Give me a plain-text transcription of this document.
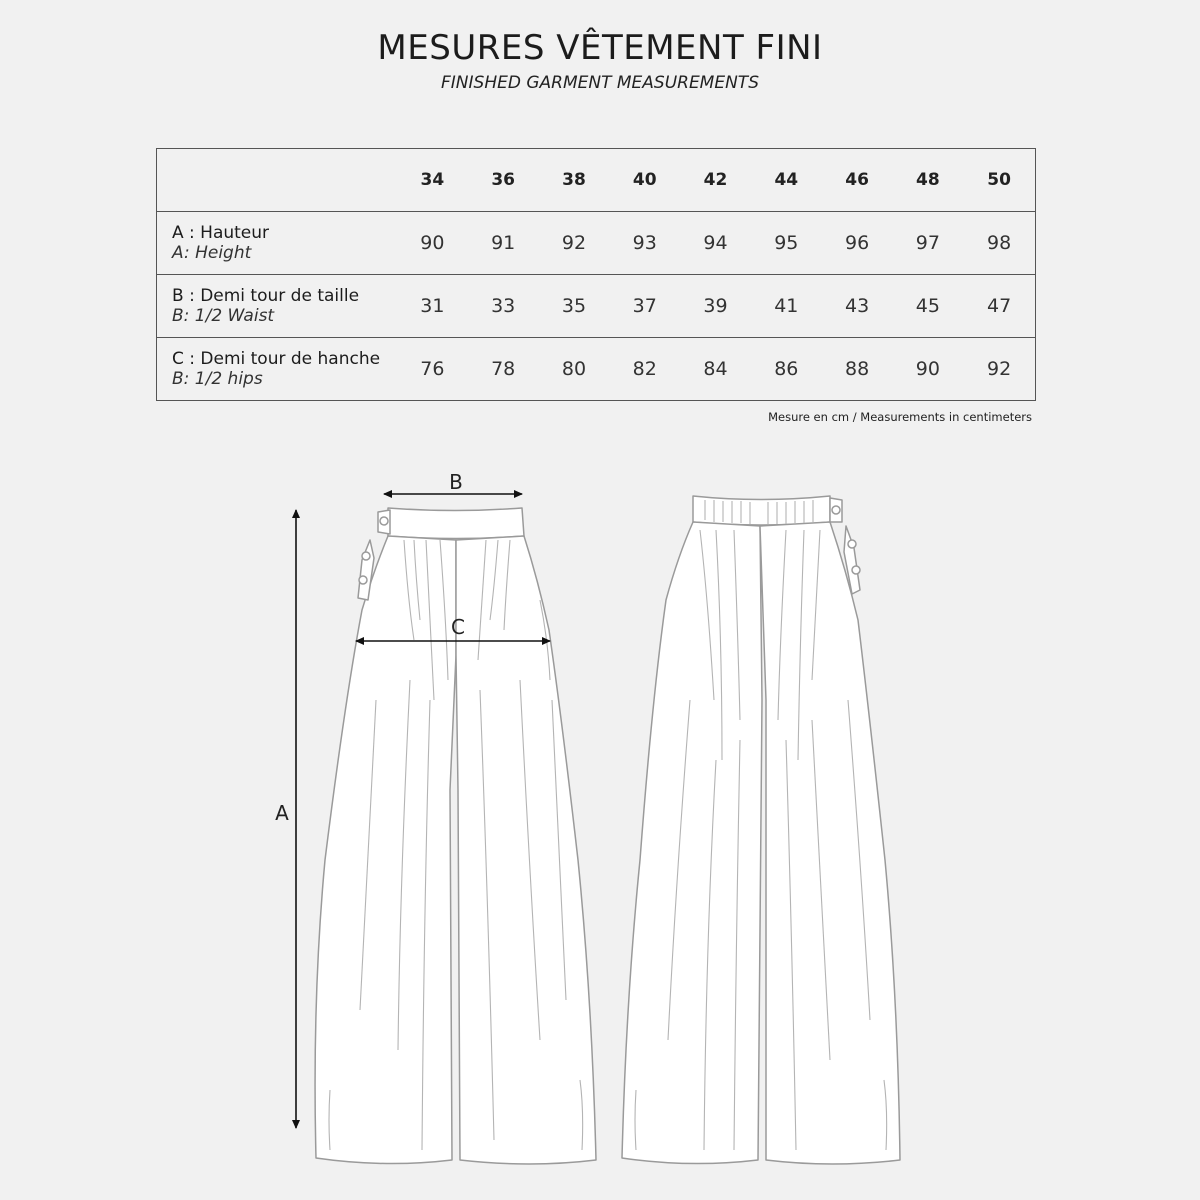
MESURES VÊTEMENT FINI
FINISHED GARMENT MEASUREMENTS
	34	36	38	40	42	44	46	48	50

A : Hauteur
A: Height	90	91	92	93	94	95	96	97	98

B : Demi tour de taille
B: 1/2 Waist	31	33	35	37	39	41	43	45	47

C : Demi tour de hanche
B: 1/2 hips	76	78	80	82	84	86	88	90	92
Mesure en cm / Measurements in centimeters
A
B
C
